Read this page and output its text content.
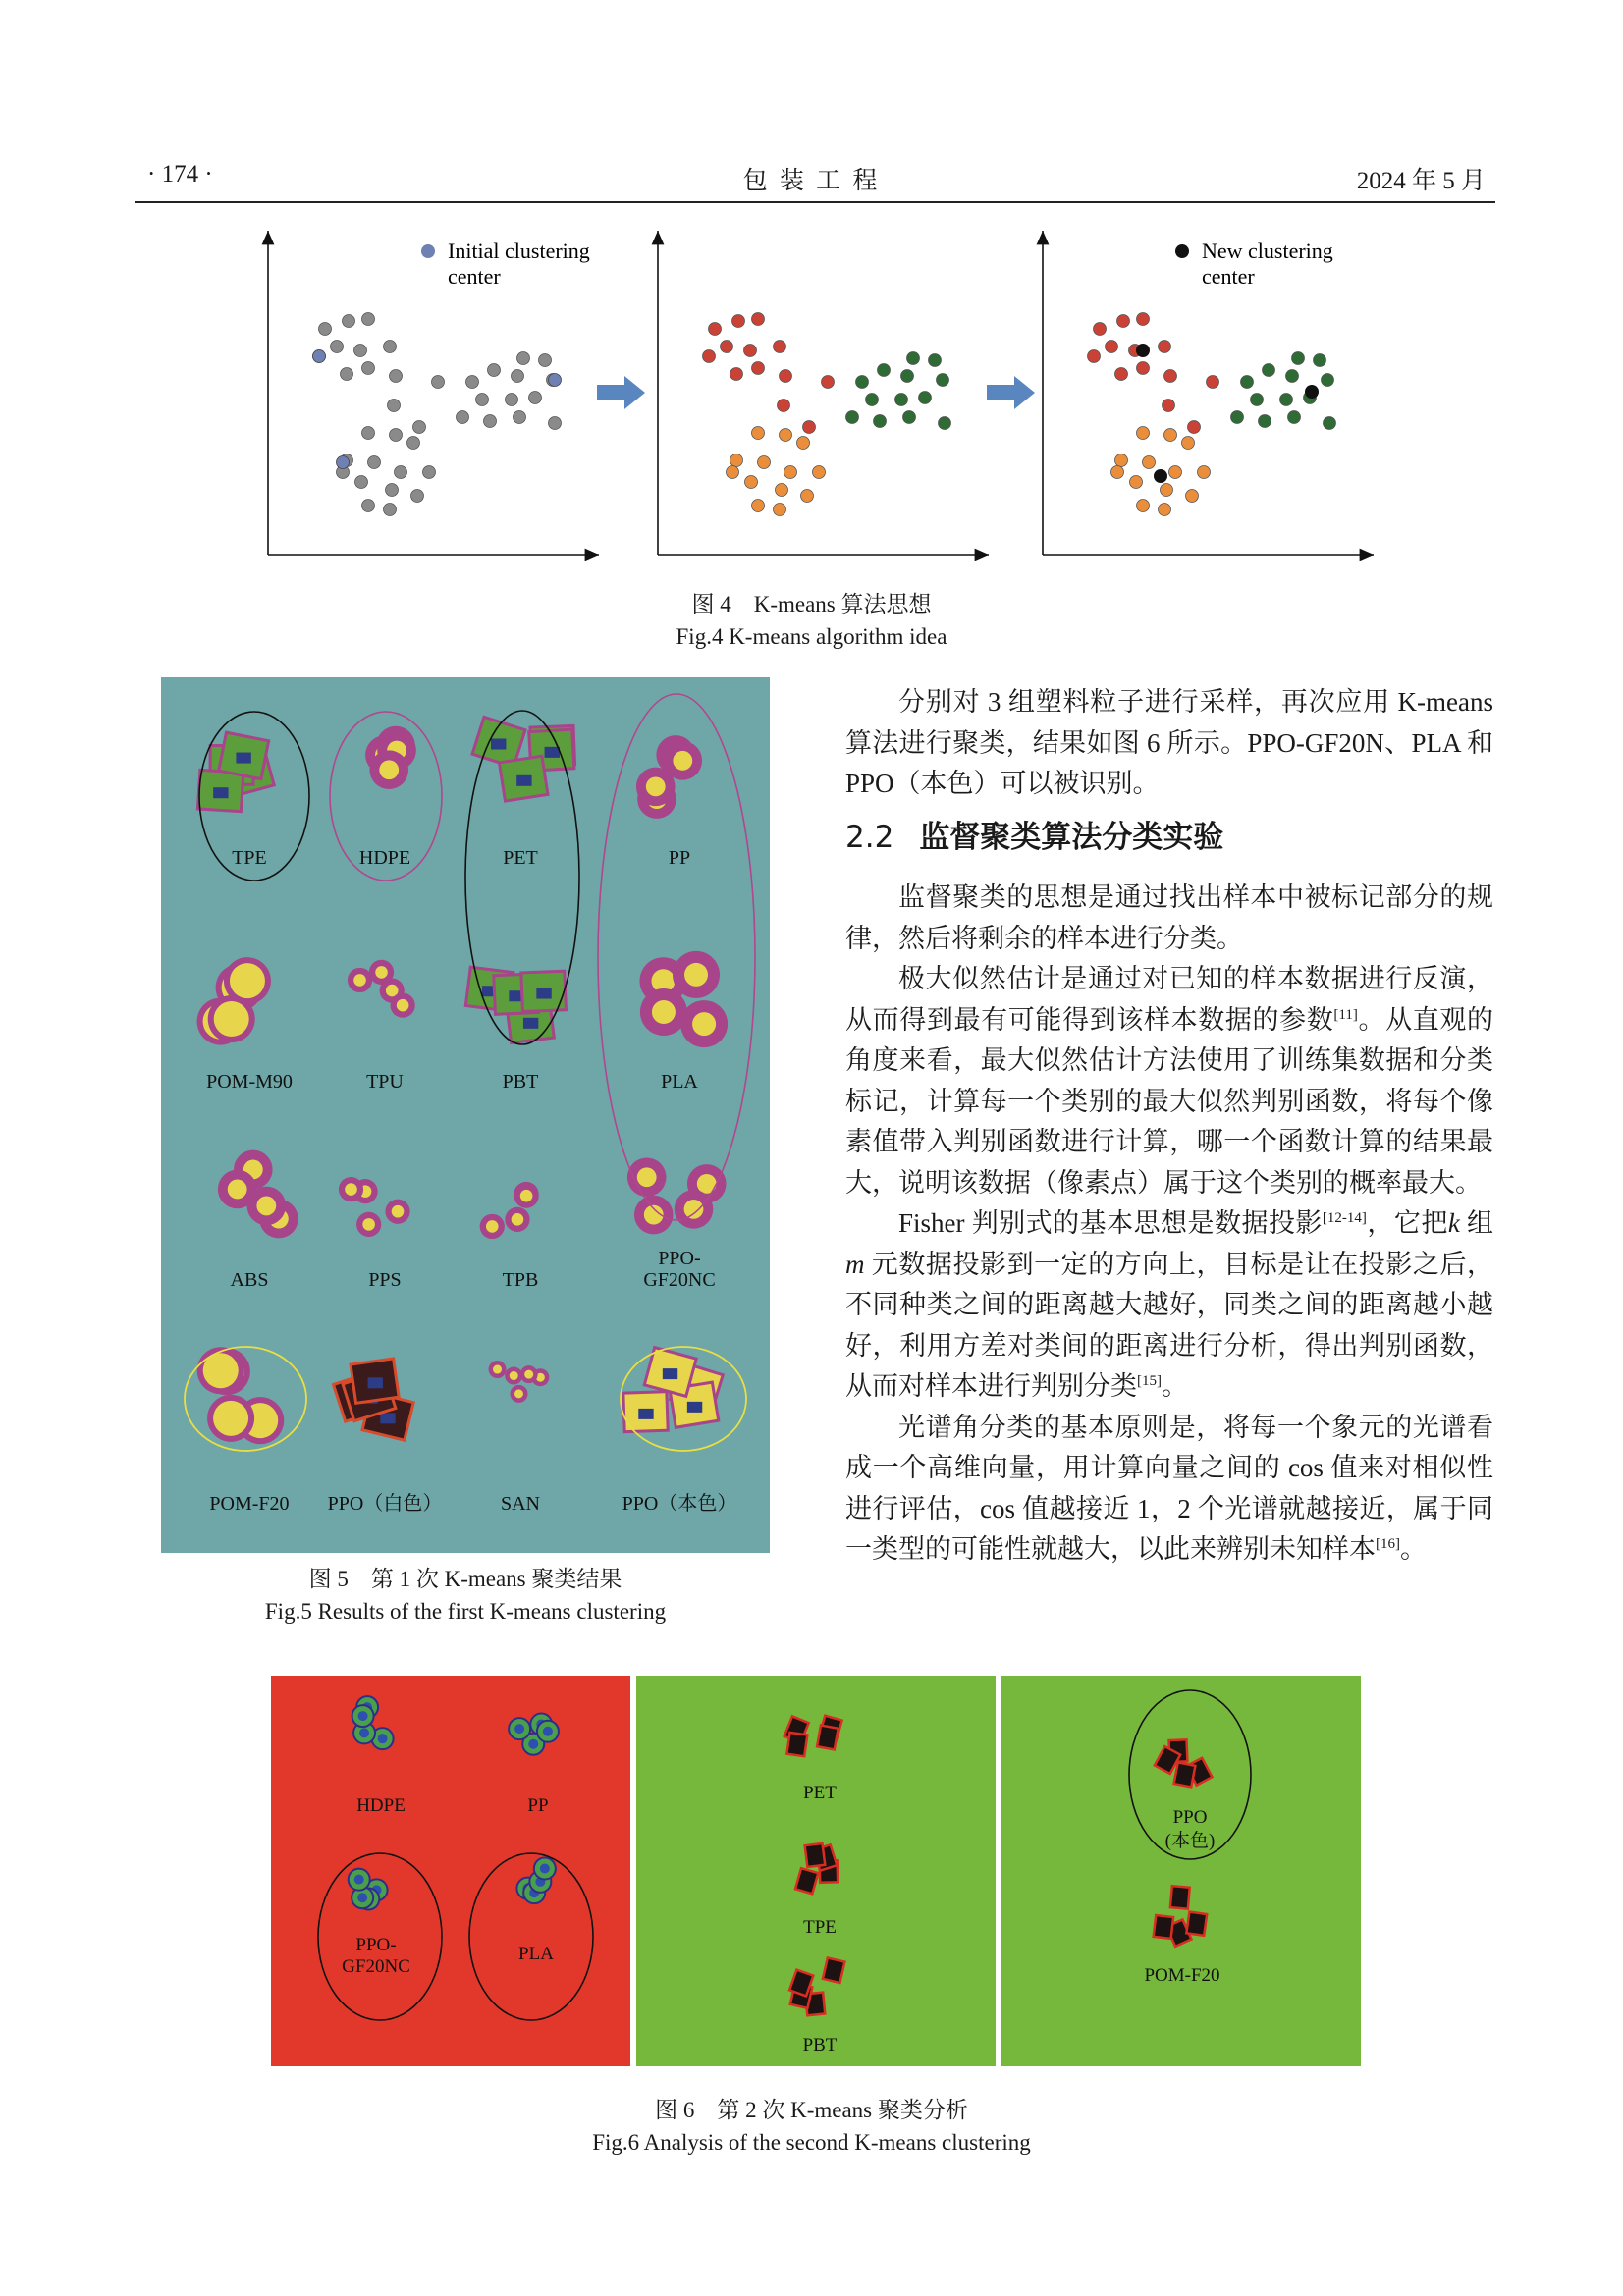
· 174 ·	包 装 工 程	2024 年 5 月
Initial clustering
center
New clustering
center
图 4　K-means 算法思想
Fig.4 K-means algorithm idea
TPE	HDPE	PET	PP
POM-M90	TPU	PBT	PLA
ABS	PPS	TPB
PPO-
GF20NC
POM-F20 PPO（白色）	SAN	PPO（本色）
图 5　第 1 次 K-means 聚类结果
Fig.5 Results of the first K-means clustering

分别对 3 组塑料粒子进行采样，再次应用 K-means 算法进行聚类，结果如图 6 所示。PPO-GF20N、PLA 和 PPO（本色）可以被识别。

2.2 监督聚类算法分类实验

监督聚类的思想是通过找出样本中被标记部分的规律，然后将剩余的样本进行分类。

极大似然估计是通过对已知的样本数据进行反演，从而得到最有可能得到该样本数据的参数[11]。从直观的角度来看，最大似然估计方法使用了训练集数据和分类标记，计算每一个类别的最大似然判别函数，将每个像素值带入判别函数进行计算，哪一个函数计算的结果最大，说明该数据（像素点）属于这个类别的概率最大。

Fisher 判别式的基本思想是数据投影[12-14]，它把k 组 m 元数据投影到一定的方向上，目标是让在投影之后，不同种类之间的距离越大越好，同类之间的距离越小越好，利用方差对类间的距离进行分析，得出判别函数，从而对样本进行判别分类[15]。

光谱角分类的基本原则是，将每一个象元的光谱看成一个高维向量，用计算向量之间的 cos 值来对相似性进行评估，cos 值越接近 1，2 个光谱就越接近，属于同一类型的可能性就越大，以此来辨别未知样本[16]。

HDPE	PP
PPO-
GF20NC
PLA
PET
TPE
PBT
PPO
(本色)
POM-F20
图 6　第 2 次 K-means 聚类分析
Fig.6 Analysis of the second K-means clustering
